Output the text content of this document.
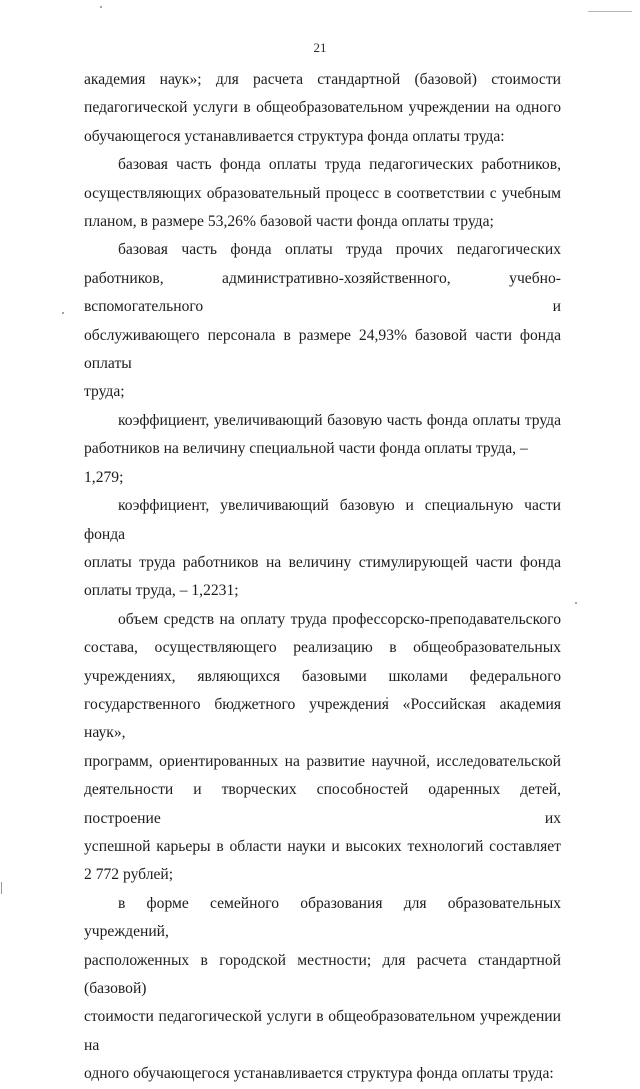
21

академия наук»; для расчета стандартной (базовой) стоимости

педагогической услуги в общеобразовательном учреждении на одного

обучающегося устанавливается структура фонда оплаты труда:

базовая часть фонда оплаты труда педагогических работников,

осуществляющих образовательный процесс в соответствии с учебным

планом, в размере 53,26% базовой части фонда оплаты труда;

базовая часть фонда оплаты труда прочих педагогических

работников, административно-хозяйственного, учебно-вспомогательного и

обслуживающего персонала в размере 24,93% базовой части фонда оплаты

труда;

коэффициент, увеличивающий базовую часть фонда оплаты труда

работников на величину специальной части фонда оплаты труда, – 1,279;

коэффициент, увеличивающий базовую и специальную части фонда

оплаты труда работников на величину стимулирующей части фонда

оплаты труда, – 1,2231;

объем средств на оплату труда профессорско-преподавательского

состава, осуществляющего реализацию в общеобразовательных

учреждениях, являющихся базовыми школами федерального

государственного бюджетного учреждения «Российская академия наук»,

программ, ориентированных на развитие научной, исследовательской

деятельности и творческих способностей одаренных детей, построение их

успешной карьеры в области науки и высоких технологий составляет

2 772 рублей;

в форме семейного образования для образовательных учреждений,

расположенных в городской местности; для расчета стандартной (базовой)

стоимости педагогической услуги в общеобразовательном учреждении на

одного обучающегося устанавливается структура фонда оплаты труда:
